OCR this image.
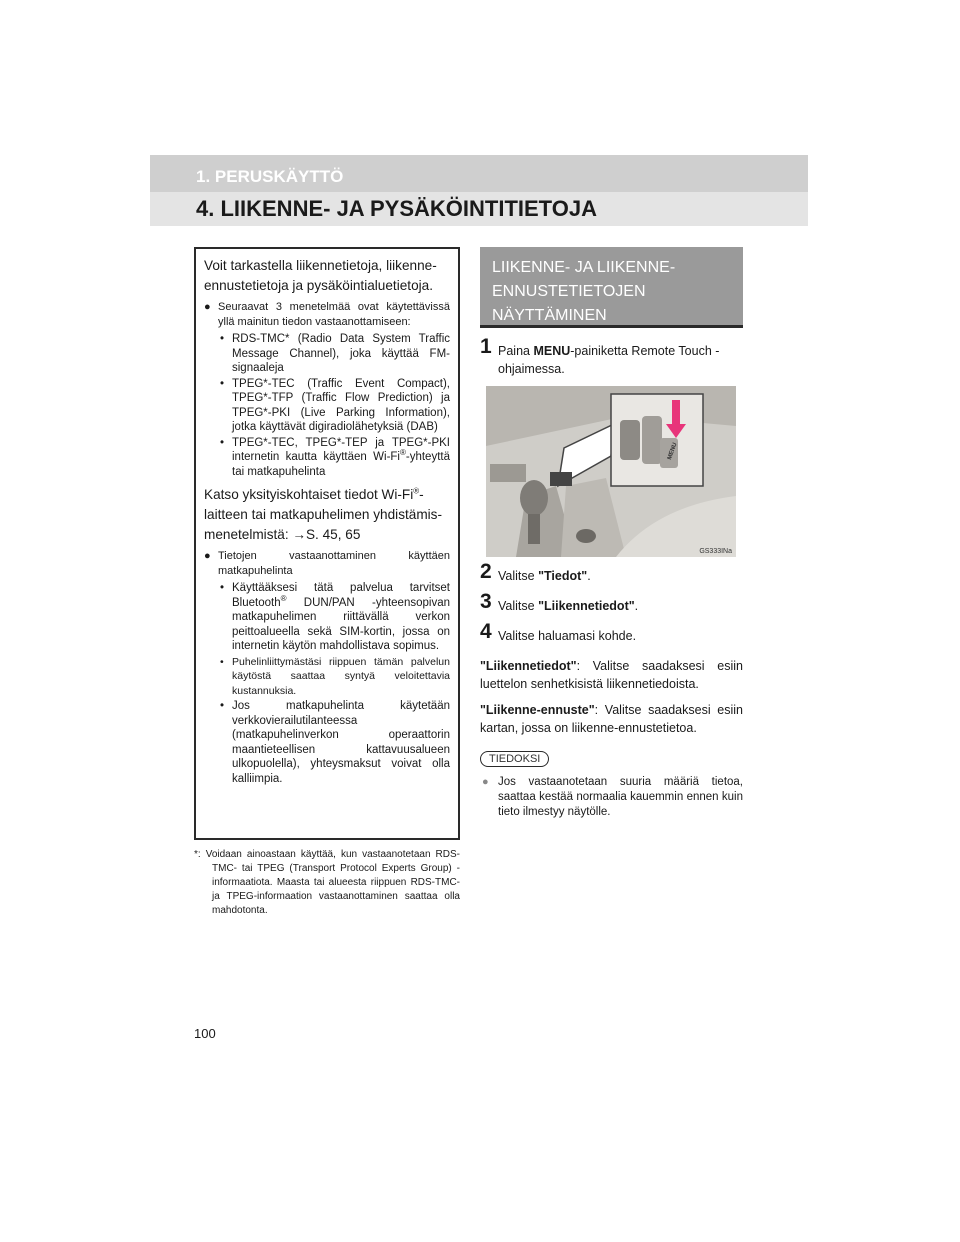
1. PERUSKÄYTTÖ
4. LIIKENNE- JA PYSÄKÖINTITIETOJA

Voit tarkastella liikennetietoja, liikenne-ennustetietoja ja pysäköintialuetietoja.

● Seuraavat 3 menetelmää ovat käytettävissä yllä mainitun tiedon vastaanottamiseen:
• RDS-TMC* (Radio Data System Traffic Message Channel), joka käyttää FM-signaaleja
• TPEG*-TEC (Traffic Event Compact), TPEG*-TFP (Traffic Flow Prediction) ja TPEG*-PKI (Live Parking Information), jotka käyttävät digiradiolähetyksiä (DAB)
• TPEG*-TEC, TPEG*-TEP ja TPEG*-PKI internetin kautta käyttäen Wi-Fi®-yhteyttä tai matkapuhelinta

Katso yksityiskohtaiset tiedot Wi-Fi®-laitteen tai matkapuhelimen yhdistämis-menetelmistä: →S. 45, 65

● Tietojen vastaanottaminen käyttäen matkapuhelinta
• Käyttääksesi tätä palvelua tarvitset Bluetooth® DUN/PAN -yhteensopivan matkapuhelimen riittävällä verkon peittoalueella sekä SIM-kortin, jossa on internetin käytön mahdollistava sopimus.
• Puhelinliittymästäsi riippuen tämän palvelun käytöstä saattaa syntyä veloitettavia kustannuksia.
• Jos matkapuhelinta käytetään verkkovierailutilanteessa (matkapuhelinverkon operaattorin maantieteellisen kattavuusalueen ulkopuolella), yhteysmaksut voivat olla kalliimpia.
*: Voidaan ainoastaan käyttää, kun vastaanotetaan RDS-TMC- tai TPEG (Transport Protocol Experts Group) -informaatiota. Maasta tai alueesta riippuen RDS-TMC- ja TPEG-informaation vastaanottaminen saattaa olla mahdotonta.
LIIKENNE- JA LIIKENNE-ENNUSTETIETOJEN NÄYTTÄMINEN
1 Paina MENU-painiketta Remote Touch -ohjaimessa.
MENU
GS333INa
2 Valitse "Tiedot".
3 Valitse "Liikennetiedot".
4 Valitse haluamasi kohde.

"Liikennetiedot": Valitse saadaksesi esiin luettelon senhetkisistä liikennetiedoista.

"Liikenne-ennuste": Valitse saadaksesi esiin kartan, jossa on liikenne-ennustetietoa.

TIEDOKSI
● Jos vastaanotetaan suuria määriä tietoa, saattaa kestää normaalia kauemmin ennen kuin tieto ilmestyy näytölle.
100
